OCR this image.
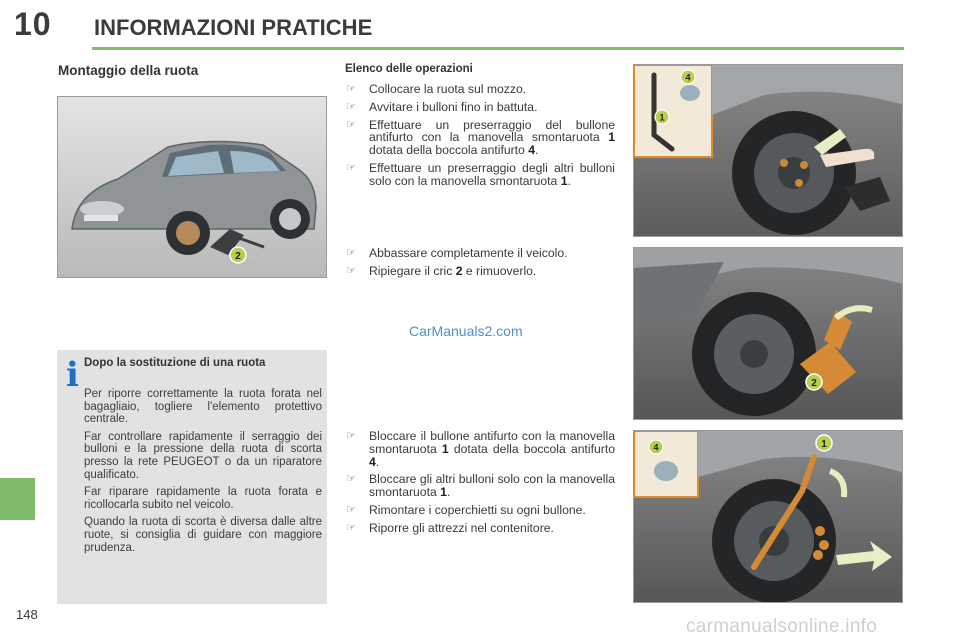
10 INFORMAZIONI PRATICHE
Montaggio della ruota
2
i Dopo la sostituzione di una ruota

Per riporre correttamente la ruota forata nel bagagliaio, togliere l'elemento protettivo centrale.

Far controllare rapidamente il serraggio dei bulloni e la pressione della ruota di scorta presso la rete PEUGEOT o da un riparatore qualificato.

Far riparare rapidamente la ruota forata e ricollocarla subito nel veicolo.

Quando la ruota di scorta è diversa dalle altre ruote, si consiglia di guidare con maggiore prudenza.

Elenco delle operazioni
☞ Collocare la ruota sul mozzo.
☞ Avvitare i bulloni fino in battuta.
☞ Effettuare un preserraggio del bullone antifurto con la manovella smontaruota 1 dotata della boccola antifurto 4.
☞ Effettuare un preserraggio degli altri bulloni solo con la manovella smontaruota 1.
☞ Abbassare completamente il veicolo.
☞ Ripiegare il cric 2 e rimuoverlo.
☞ Bloccare il bullone antifurto con la manovella smontaruota 1 dotata della boccola antifurto 4.
☞ Bloccare gli altri bulloni solo con la manovella smontaruota 1.
☞ Rimontare i coperchietti su ogni bullone.
☞ Riporre gli attrezzi nel contenitore.
CarManuals2.com
4
1
2
4	1
148
carmanualsonline.info
